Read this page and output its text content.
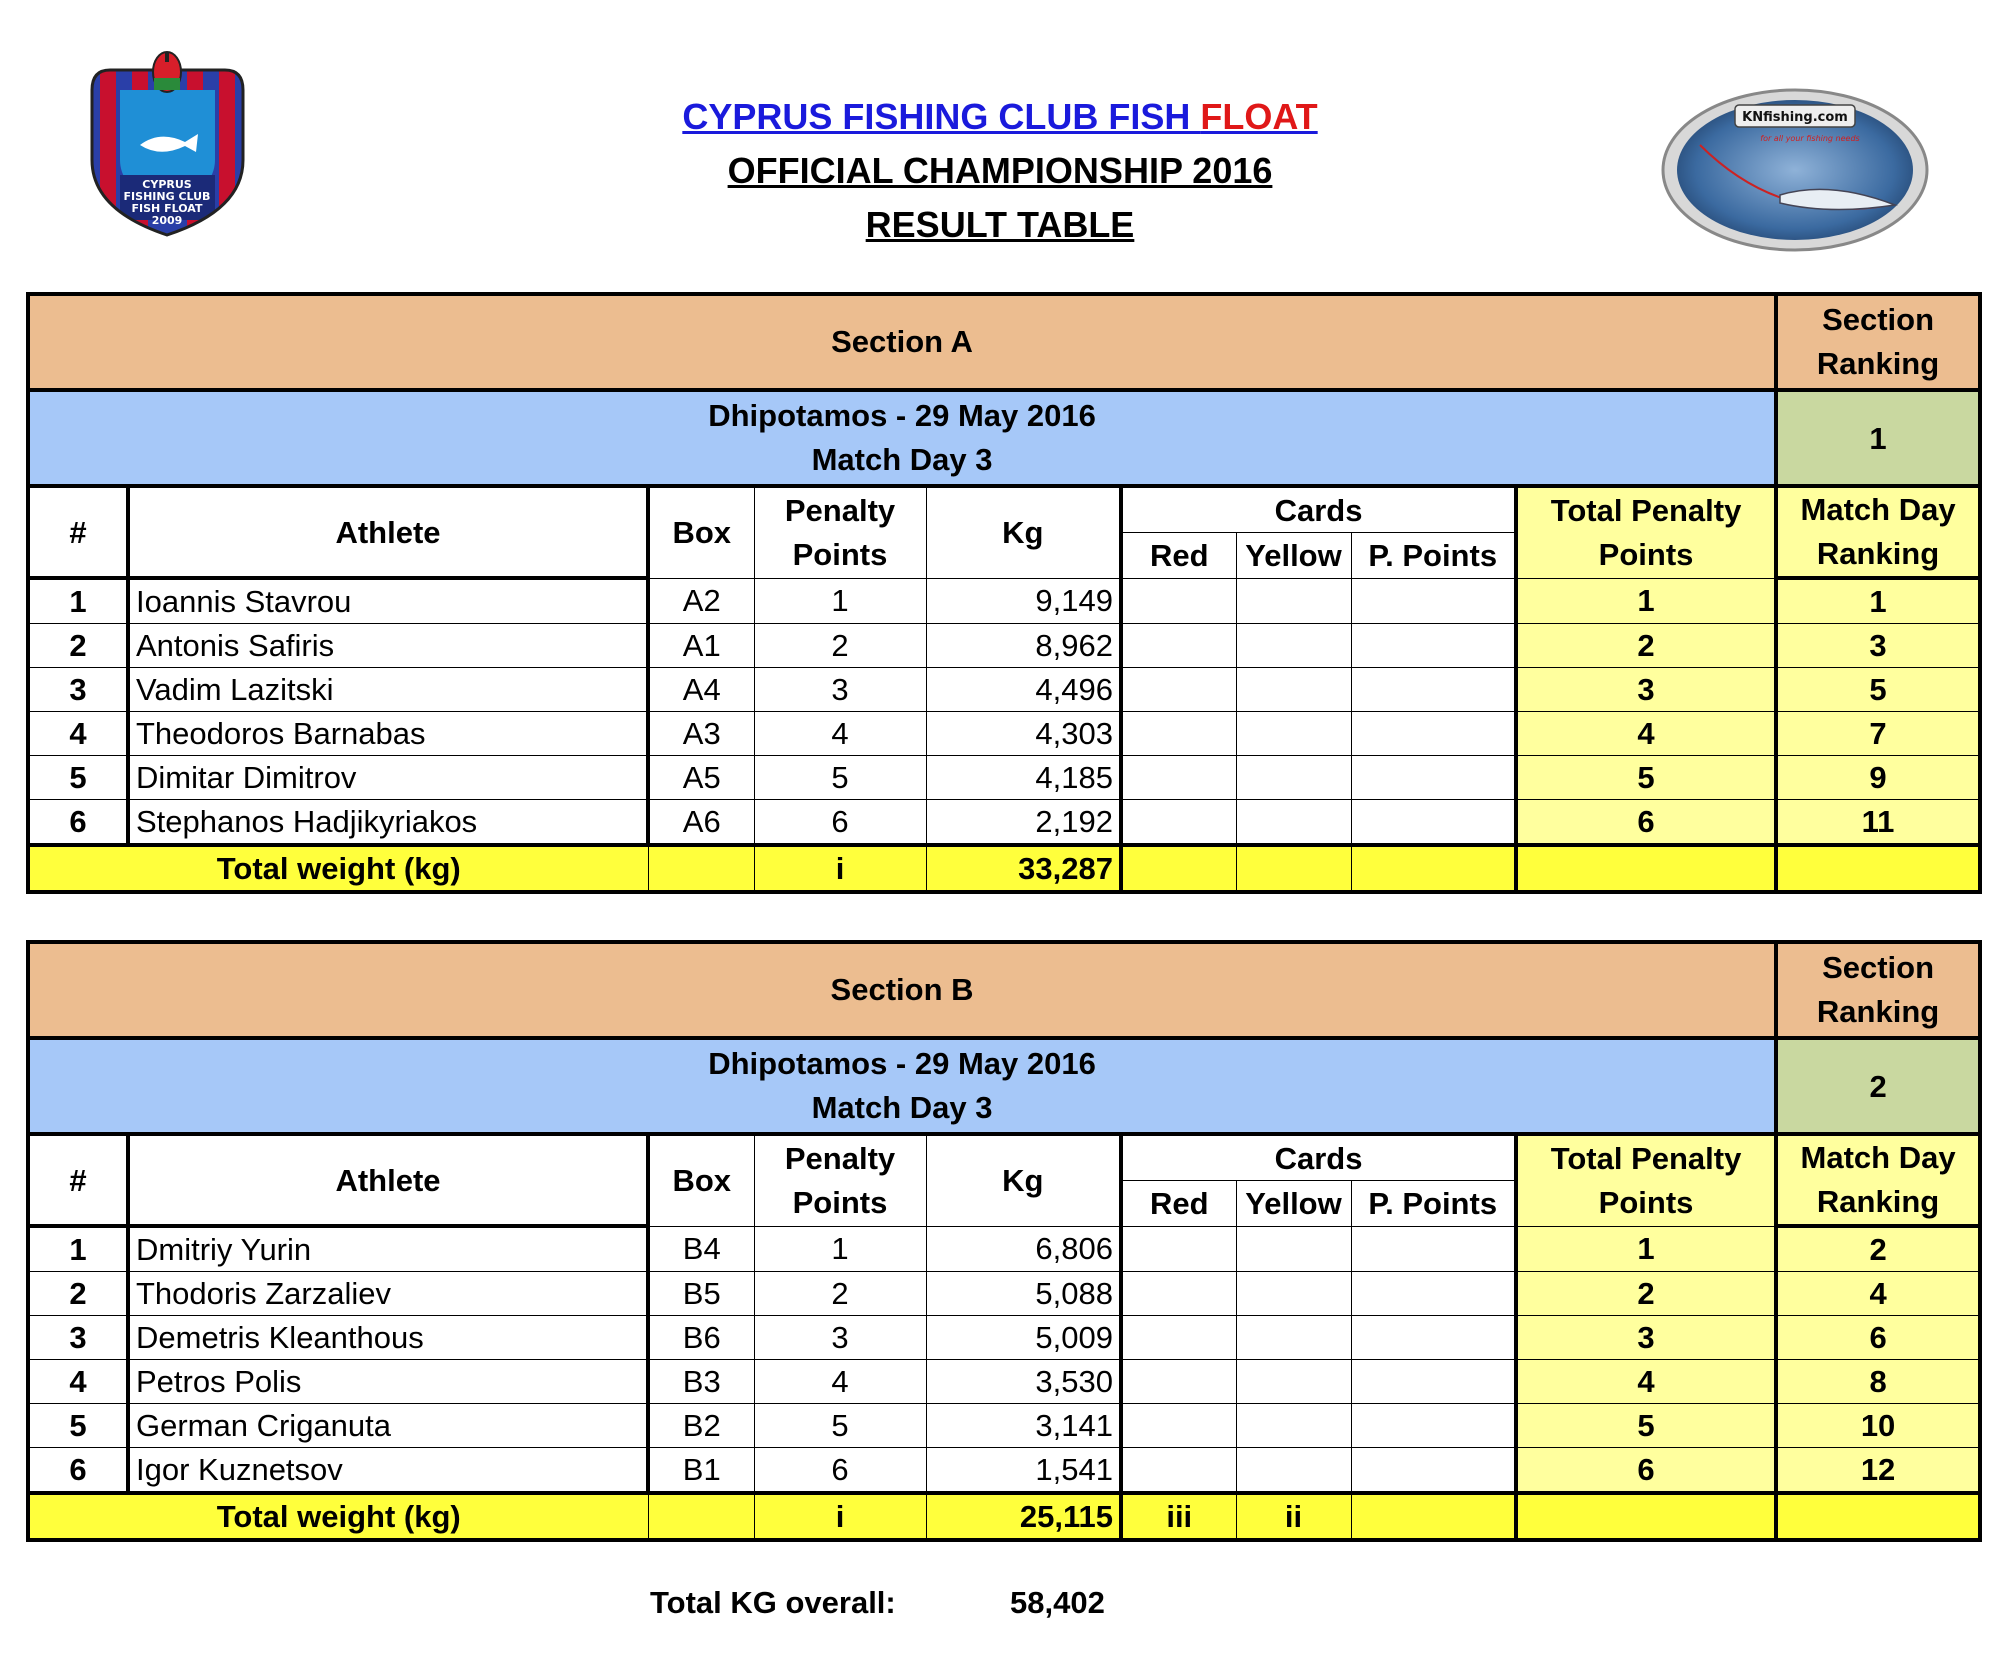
CYPRUS
FISHING CLUB
FISH FLOAT
2009
CYPRUS FISHING CLUB FISH FLOAT
OFFICIAL CHAMPIONSHIP 2016
RESULT TABLE
KNfishing.com
for all your fishing needs
Section A									Section Ranking

Dhipotamos - 29 May 2016
Match Day 3									1
#	Athlete	Box	Penalty Points	Kg	Cards			Total Penalty Points	Match Day Ranking
					Red	Yellow	P. Points		
1	Ioannis Stavrou	A2	1	9,149				1	1
2	Antonis Safiris	A1	2	8,962				2	3
3	Vadim Lazitski	A4	3	4,496				3	5
4	Theodoros Barnabas	A3	4	4,303				4	7
5	Dimitar Dimitrov	A5	5	4,185				5	9
6	Stephanos Hadjikyriakos	A6	6	2,192				6	11
Total weight (kg)			i	33,287					
Section B									Section Ranking

Dhipotamos - 29 May 2016
Match Day 3									2
#	Athlete	Box	Penalty Points	Kg	Cards			Total Penalty Points	Match Day Ranking
					Red	Yellow	P. Points		
1	Dmitriy Yurin	B4	1	6,806				1	2
2	Thodoris Zarzaliev	B5	2	5,088				2	4
3	Demetris Kleanthous	B6	3	5,009				3	6
4	Petros Polis	B3	4	3,530				4	8
5	German Criganuta	B2	5	3,141				5	10
6	Igor Kuznetsov	B1	6	1,541				6	12
Total weight (kg)			i	25,115	iii	ii			
Total KG overall:	58,402
